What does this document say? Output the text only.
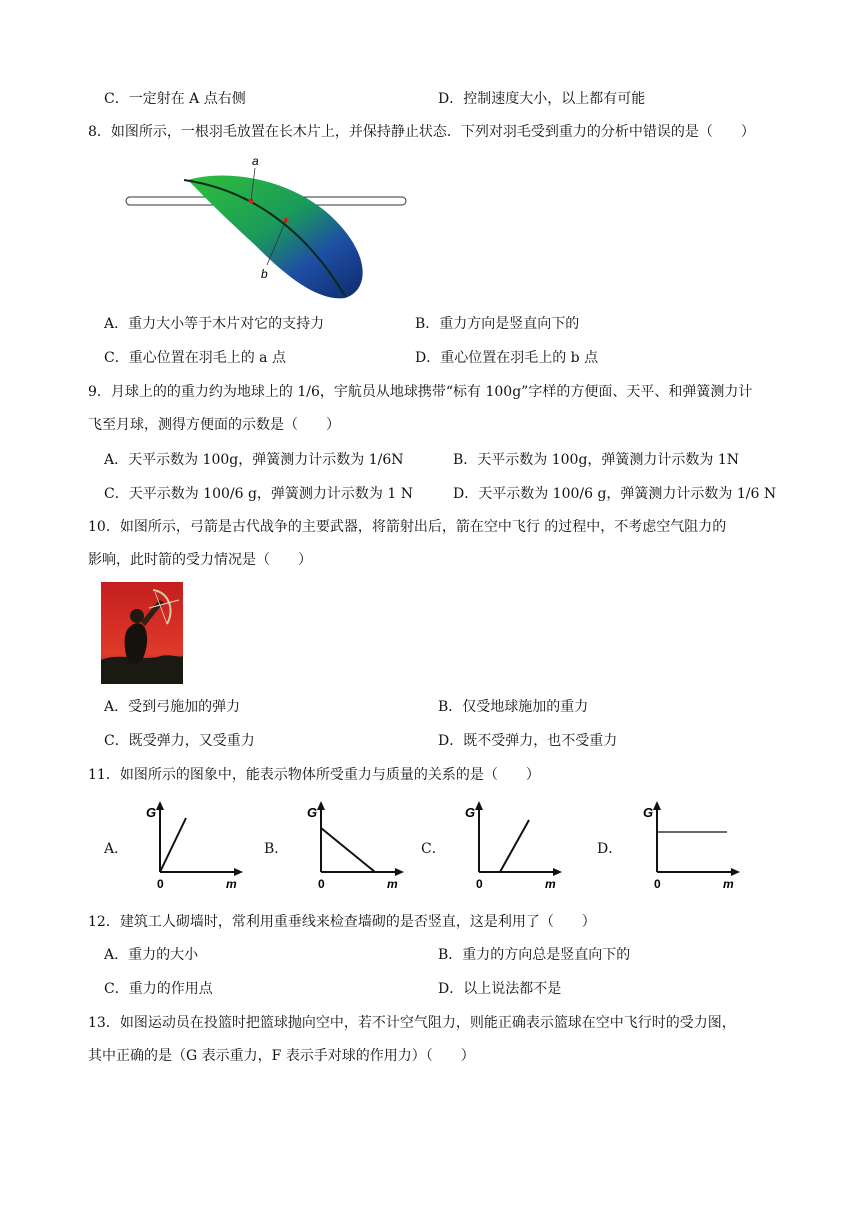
C．一定射在 A 点右侧	D．控制速度大小，以上都有可能
8．如图所示，一根羽毛放置在长木片上，并保持静止状态．下列对羽毛受到重力的分析中错误的是（　　）
a
b
A．重力大小等于木片对它的支持力	B．重力方向是竖直向下的
C．重心位置在羽毛上的 a 点	D．重心位置在羽毛上的 b 点
9．月球上的的重力约为地球上的 1/6，宇航员从地球携带“标有 100g”字样的方便面、天平、和弹簧测力计
飞至月球，测得方便面的示数是（　　）
A．天平示数为 100g，弹簧测力计示数为 1/6N	B．天平示数为 100g，弹簧测力计示数为 1N
C．天平示数为 100/6 g，弹簧测力计示数为 1 N	D．天平示数为 100/6 g，弹簧测力计示数为 1/6 N
10．如图所示，弓箭是古代战争的主要武器，将箭射出后，箭在空中飞行 的过程中，不考虑空气阻力的
影响，此时箭的受力情况是（　　）
A．受到弓施加的弹力	B．仅受地球施加的重力
C．既受弹力，又受重力	D．既不受弹力，也不受重力
11．如图所示的图象中，能表示物体所受重力与质量的关系的是（　　）
A．
G
0	m
B．
G
0	m
C．
G
0	m
D．
G
0	m
12．建筑工人砌墙时，常利用重垂线来检查墙砌的是否竖直，这是利用了（　　）
A．重力的大小	B．重力的方向总是竖直向下的
C．重力的作用点	D．以上说法都不是
13．如图运动员在投篮时把篮球抛向空中，若不计空气阻力，则能正确表示篮球在空中飞行时的受力图，
其中正确的是（G 表示重力，F 表示手对球的作用力）（　　）
